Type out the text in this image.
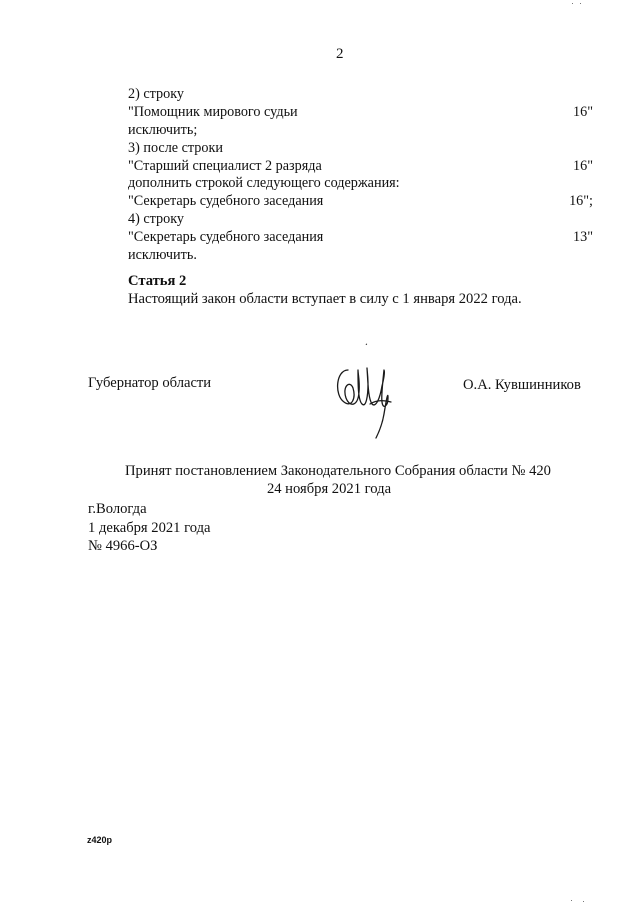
2
2) строку
"Помощник мирового судьи	16"
исключить;
3) после строки
"Старший специалист 2 разряда	16"
дополнить строкой следующего содержания:
"Секретарь судебного заседания	16";
4) строку
"Секретарь судебного заседания	13"
исключить.
Статья 2
Настоящий закон области вступает в силу с 1 января 2022 года.
Губернатор области	О.А. Кувшинников
Принят постановлением Законодательного Собрания области № 420
24 ноября 2021 года
г.Вологда
1 декабря 2021 года
№ 4966-ОЗ
z420p
